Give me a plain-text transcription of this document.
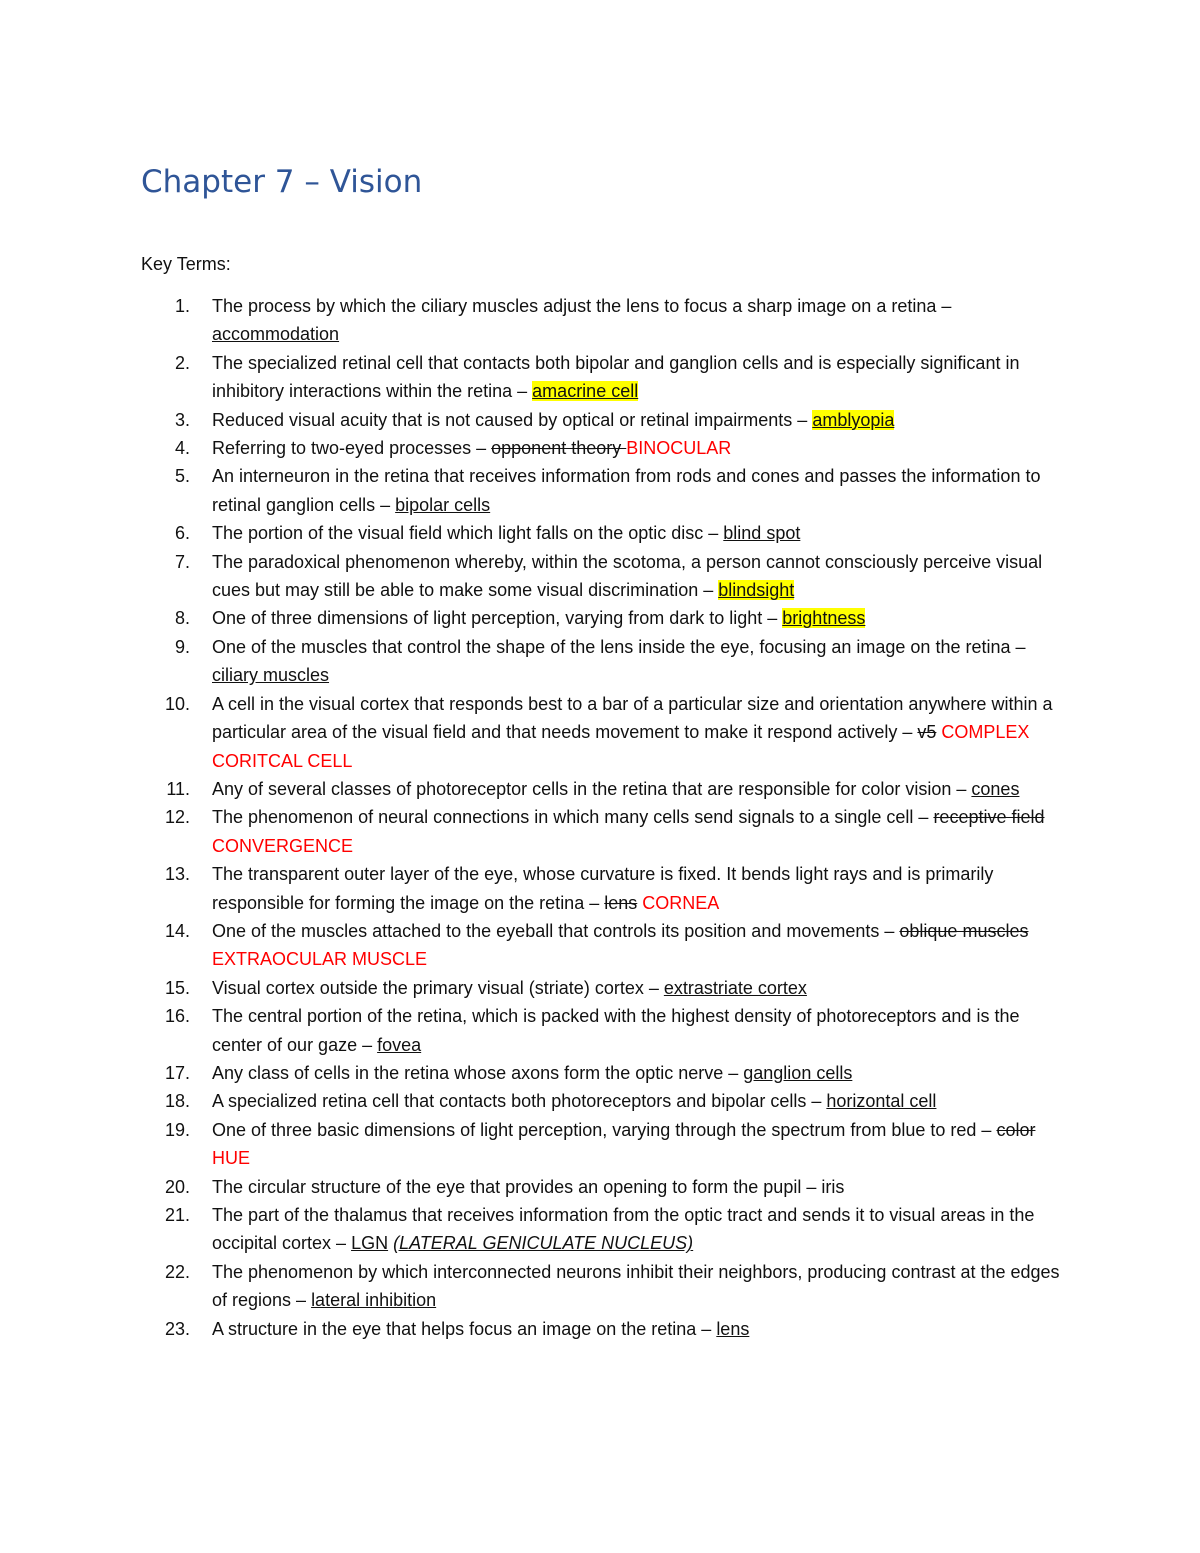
Chapter 7 – Vision
Key Terms:
1. The process by which the ciliary muscles adjust the lens to focus a sharp image on a retina – accommodation
2. The specialized retinal cell that contacts both bipolar and ganglion cells and is especially significant in inhibitory interactions within the retina – amacrine cell
3. Reduced visual acuity that is not caused by optical or retinal impairments – amblyopia
4. Referring to two-eyed processes – opponent theory BINOCULAR
5. An interneuron in the retina that receives information from rods and cones and passes the information to retinal ganglion cells – bipolar cells
6. The portion of the visual field which light falls on the optic disc – blind spot
7. The paradoxical phenomenon whereby, within the scotoma, a person cannot consciously perceive visual cues but may still be able to make some visual discrimination – blindsight
8. One of three dimensions of light perception, varying from dark to light – brightness
9. One of the muscles that control the shape of the lens inside the eye, focusing an image on the retina – ciliary muscles
10. A cell in the visual cortex that responds best to a bar of a particular size and orientation anywhere within a particular area of the visual field and that needs movement to make it respond actively – v5 COMPLEX CORITCAL CELL
11. Any of several classes of photoreceptor cells in the retina that are responsible for color vision – cones
12. The phenomenon of neural connections in which many cells send signals to a single cell – receptive field CONVERGENCE
13. The transparent outer layer of the eye, whose curvature is fixed. It bends light rays and is primarily responsible for forming the image on the retina – lens CORNEA
14. One of the muscles attached to the eyeball that controls its position and movements – oblique muscles EXTRAOCULAR MUSCLE
15. Visual cortex outside the primary visual (striate) cortex – extrastriate cortex
16. The central portion of the retina, which is packed with the highest density of photoreceptors and is the center of our gaze – fovea
17. Any class of cells in the retina whose axons form the optic nerve – ganglion cells
18. A specialized retina cell that contacts both photoreceptors and bipolar cells – horizontal cell
19. One of three basic dimensions of light perception, varying through the spectrum from blue to red – color HUE
20. The circular structure of the eye that provides an opening to form the pupil – iris
21. The part of the thalamus that receives information from the optic tract and sends it to visual areas in the occipital cortex – LGN (LATERAL GENICULATE NUCLEUS)
22. The phenomenon by which interconnected neurons inhibit their neighbors, producing contrast at the edges of regions – lateral inhibition
23. A structure in the eye that helps focus an image on the retina – lens
